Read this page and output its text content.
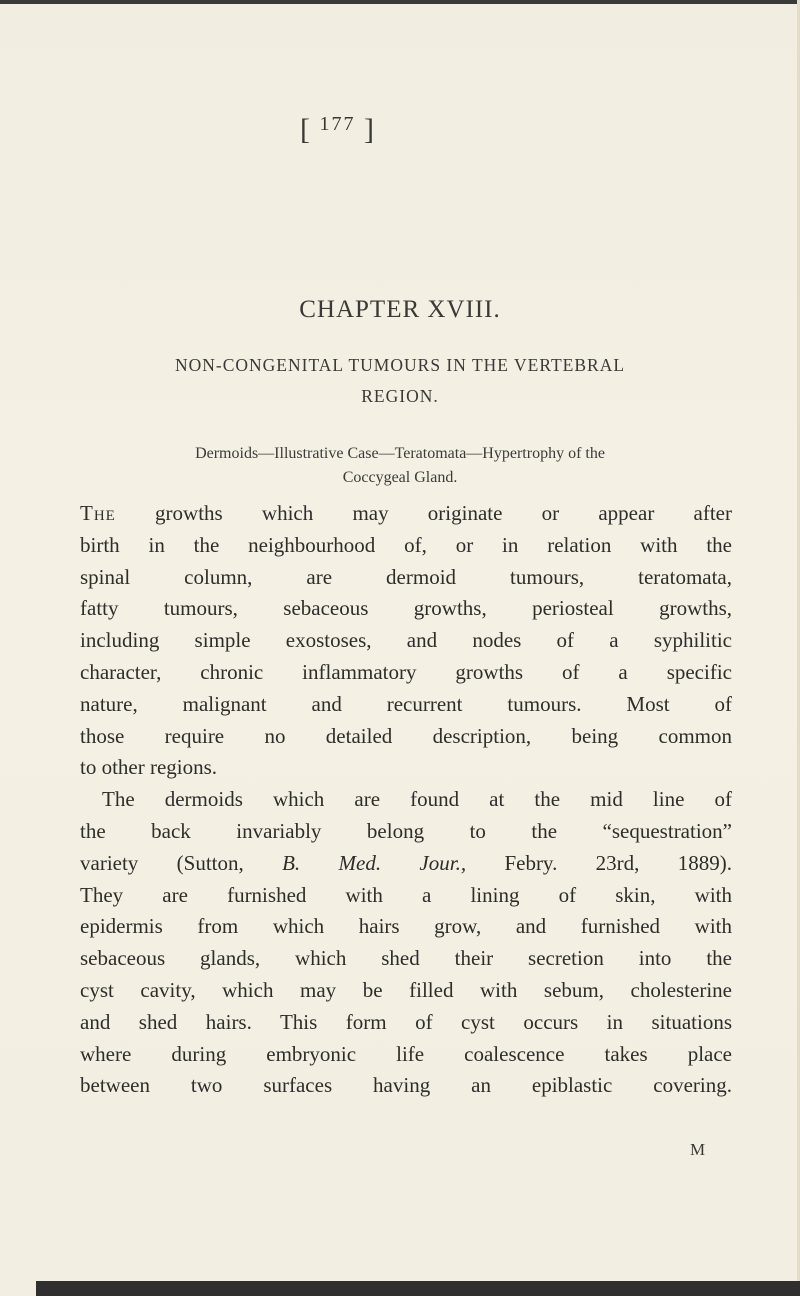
[ $^{177}$ ]
CHAPTER XVIII.
NON-CONGENITAL TUMOURS IN THE VERTEBRAL
REGION.
Dermoids—Illustrative Case—Teratomata—Hypertrophy of the
Coccygeal Gland.
The growths which may originate or appear after
birth in the neighbourhood of, or in relation with the
spinal column, are dermoid tumours, teratomata,
fatty tumours, sebaceous growths, periosteal growths,
including simple exostoses, and nodes of a syphilitic
character, chronic inflammatory growths of a specific
nature, malignant and recurrent tumours. Most of
those require no detailed description, being common
to other regions.
The dermoids which are found at the mid line of
the back invariably belong to the “sequestration”
variety (Sutton, B. Med. Jour., Febry. 23rd, 1889).
They are furnished with a lining of skin, with
epidermis from which hairs grow, and furnished with
sebaceous glands, which shed their secretion into the
cyst cavity, which may be filled with sebum, cholesterine
and shed hairs. This form of cyst occurs in situations
where during embryonic life coalescence takes place
between two surfaces having an epiblastic covering.
M
